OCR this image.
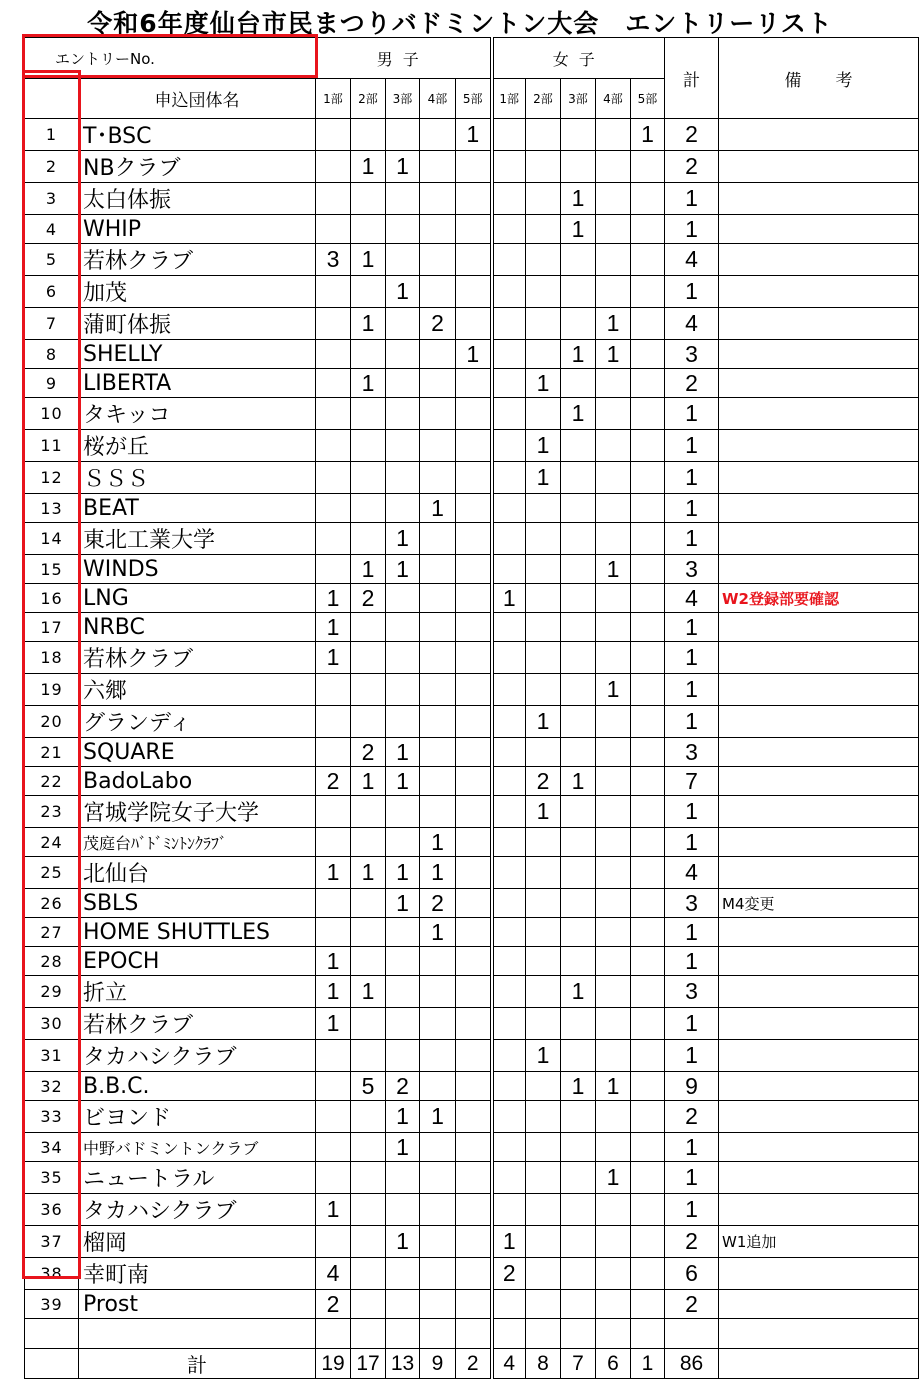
令和6年度仙台市民まつりバドミントン大会　エントリーリスト
エントリーNo.		男子					女子					計	備　　考
	申込団体名	1部	2部	3部	4部	5部	1部	2部	3部	4部	5部		
1	T･BSC					1					1	2	
2	NBクラブ		1	1								2	
3	太白体振								1			1	
4	WHIP								1			1	
5	若林クラブ	3	1									4	
6	加茂			1								1	
7	蒲町体振		1		2					1		4	
8	SHELLY					1			1	1		3	
9	LIBERTA		1					1				2	
10	タキッコ								1			1	
11	桜が丘							1				1	
12	ＳＳＳ							1				1	
13	BEAT				1							1	
14	東北工業大学			1								1	
15	WINDS		1	1						1		3	
16	LNG	1	2				1					4	W2登録部要確認
17	NRBC	1										1	
18	若林クラブ	1										1	
19	六郷									1		1	
20	グランディ							1				1	
21	SQUARE		2	1								3	
22	BadoLabo	2	1	1				2	1			7	
23	宮城学院女子大学							1				1	
24	茂庭台ﾊﾞﾄﾞﾐﾝﾄﾝｸﾗﾌﾞ				1							1	
25	北仙台	1	1	1	1							4	
26	SBLS			1	2							3	M4変更
27	HOME SHUTTLES				1							1	
28	EPOCH	1										1	
29	折立	1	1						1			3	
30	若林クラブ	1										1	
31	タカハシクラブ							1				1	
32	B.B.C.		5	2					1	1		9	
33	ビヨンド			1	1							2	
34	中野バドミントンクラブ			1								1	
35	ニュートラル									1		1	
36	タカハシクラブ	1										1	
37	榴岡			1			1					2	W1追加
38	幸町南	4					2					6	
39	Prost	2										2	

	計	19	17	13	9	2	4	8	7	6	1	86	
